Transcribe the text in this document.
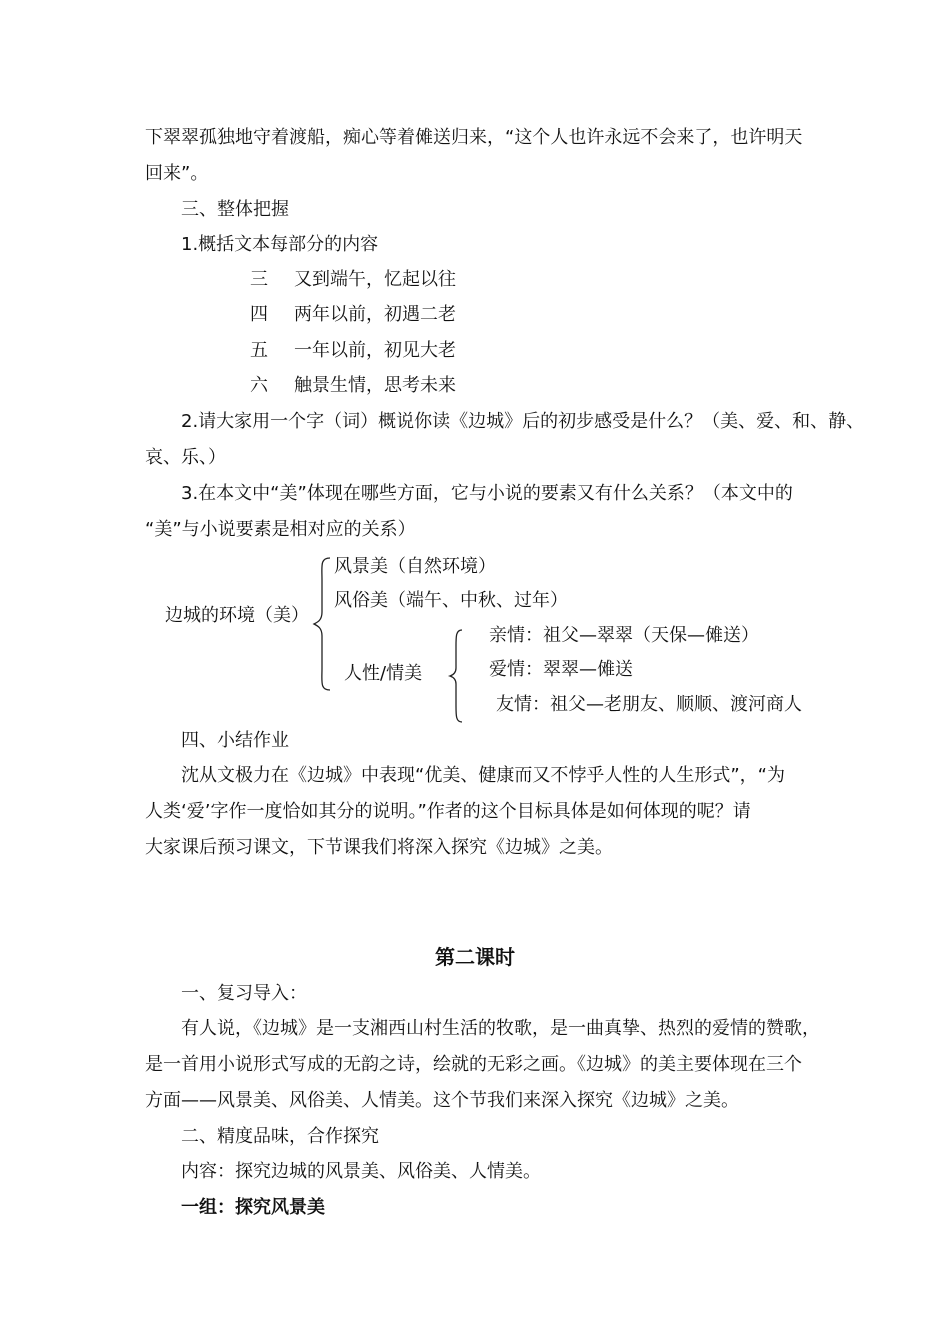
下翠翠孤独地守着渡船，痴心等着傩送归来，“这个人也许永远不会来了，也许明天
回来”。
三、整体把握
1.概括文本每部分的内容
三 又到端午，忆起以往
四 两年以前，初遇二老
五 一年以前，初见大老
六 触景生情，思考未来
2.请大家用一个字（词）概说你读《边城》后的初步感受是什么？（美、爱、和、静、
哀、乐、）
3.在本文中“美”体现在哪些方面，它与小说的要素又有什么关系？（本文中的
“美”与小说要素是相对应的关系）
边城的环境（美）
风景美（自然环境）
风俗美（端午、中秋、过年）
人性/情美
亲情：祖父—翠翠（天保—傩送）
爱情：翠翠—傩送
友情：祖父—老朋友、顺顺、渡河商人
四、小结作业
沈从文极力在《边城》中表现“优美、健康而又不悖乎人性的人生形式”，“为
人类‘爱’字作一度恰如其分的说明。”作者的这个目标具体是如何体现的呢？请
大家课后预习课文，下节课我们将深入探究《边城》之美。
第二课时
一、复习导入：
有人说，《边城》是一支湘西山村生活的牧歌，是一曲真挚、热烈的爱情的赞歌，
是一首用小说形式写成的无韵之诗，绘就的无彩之画。《边城》的美主要体现在三个
方面——风景美、风俗美、人情美。这个节我们来深入探究《边城》之美。
二、精度品味，合作探究
内容：探究边城的风景美、风俗美、人情美。
一组：探究风景美
